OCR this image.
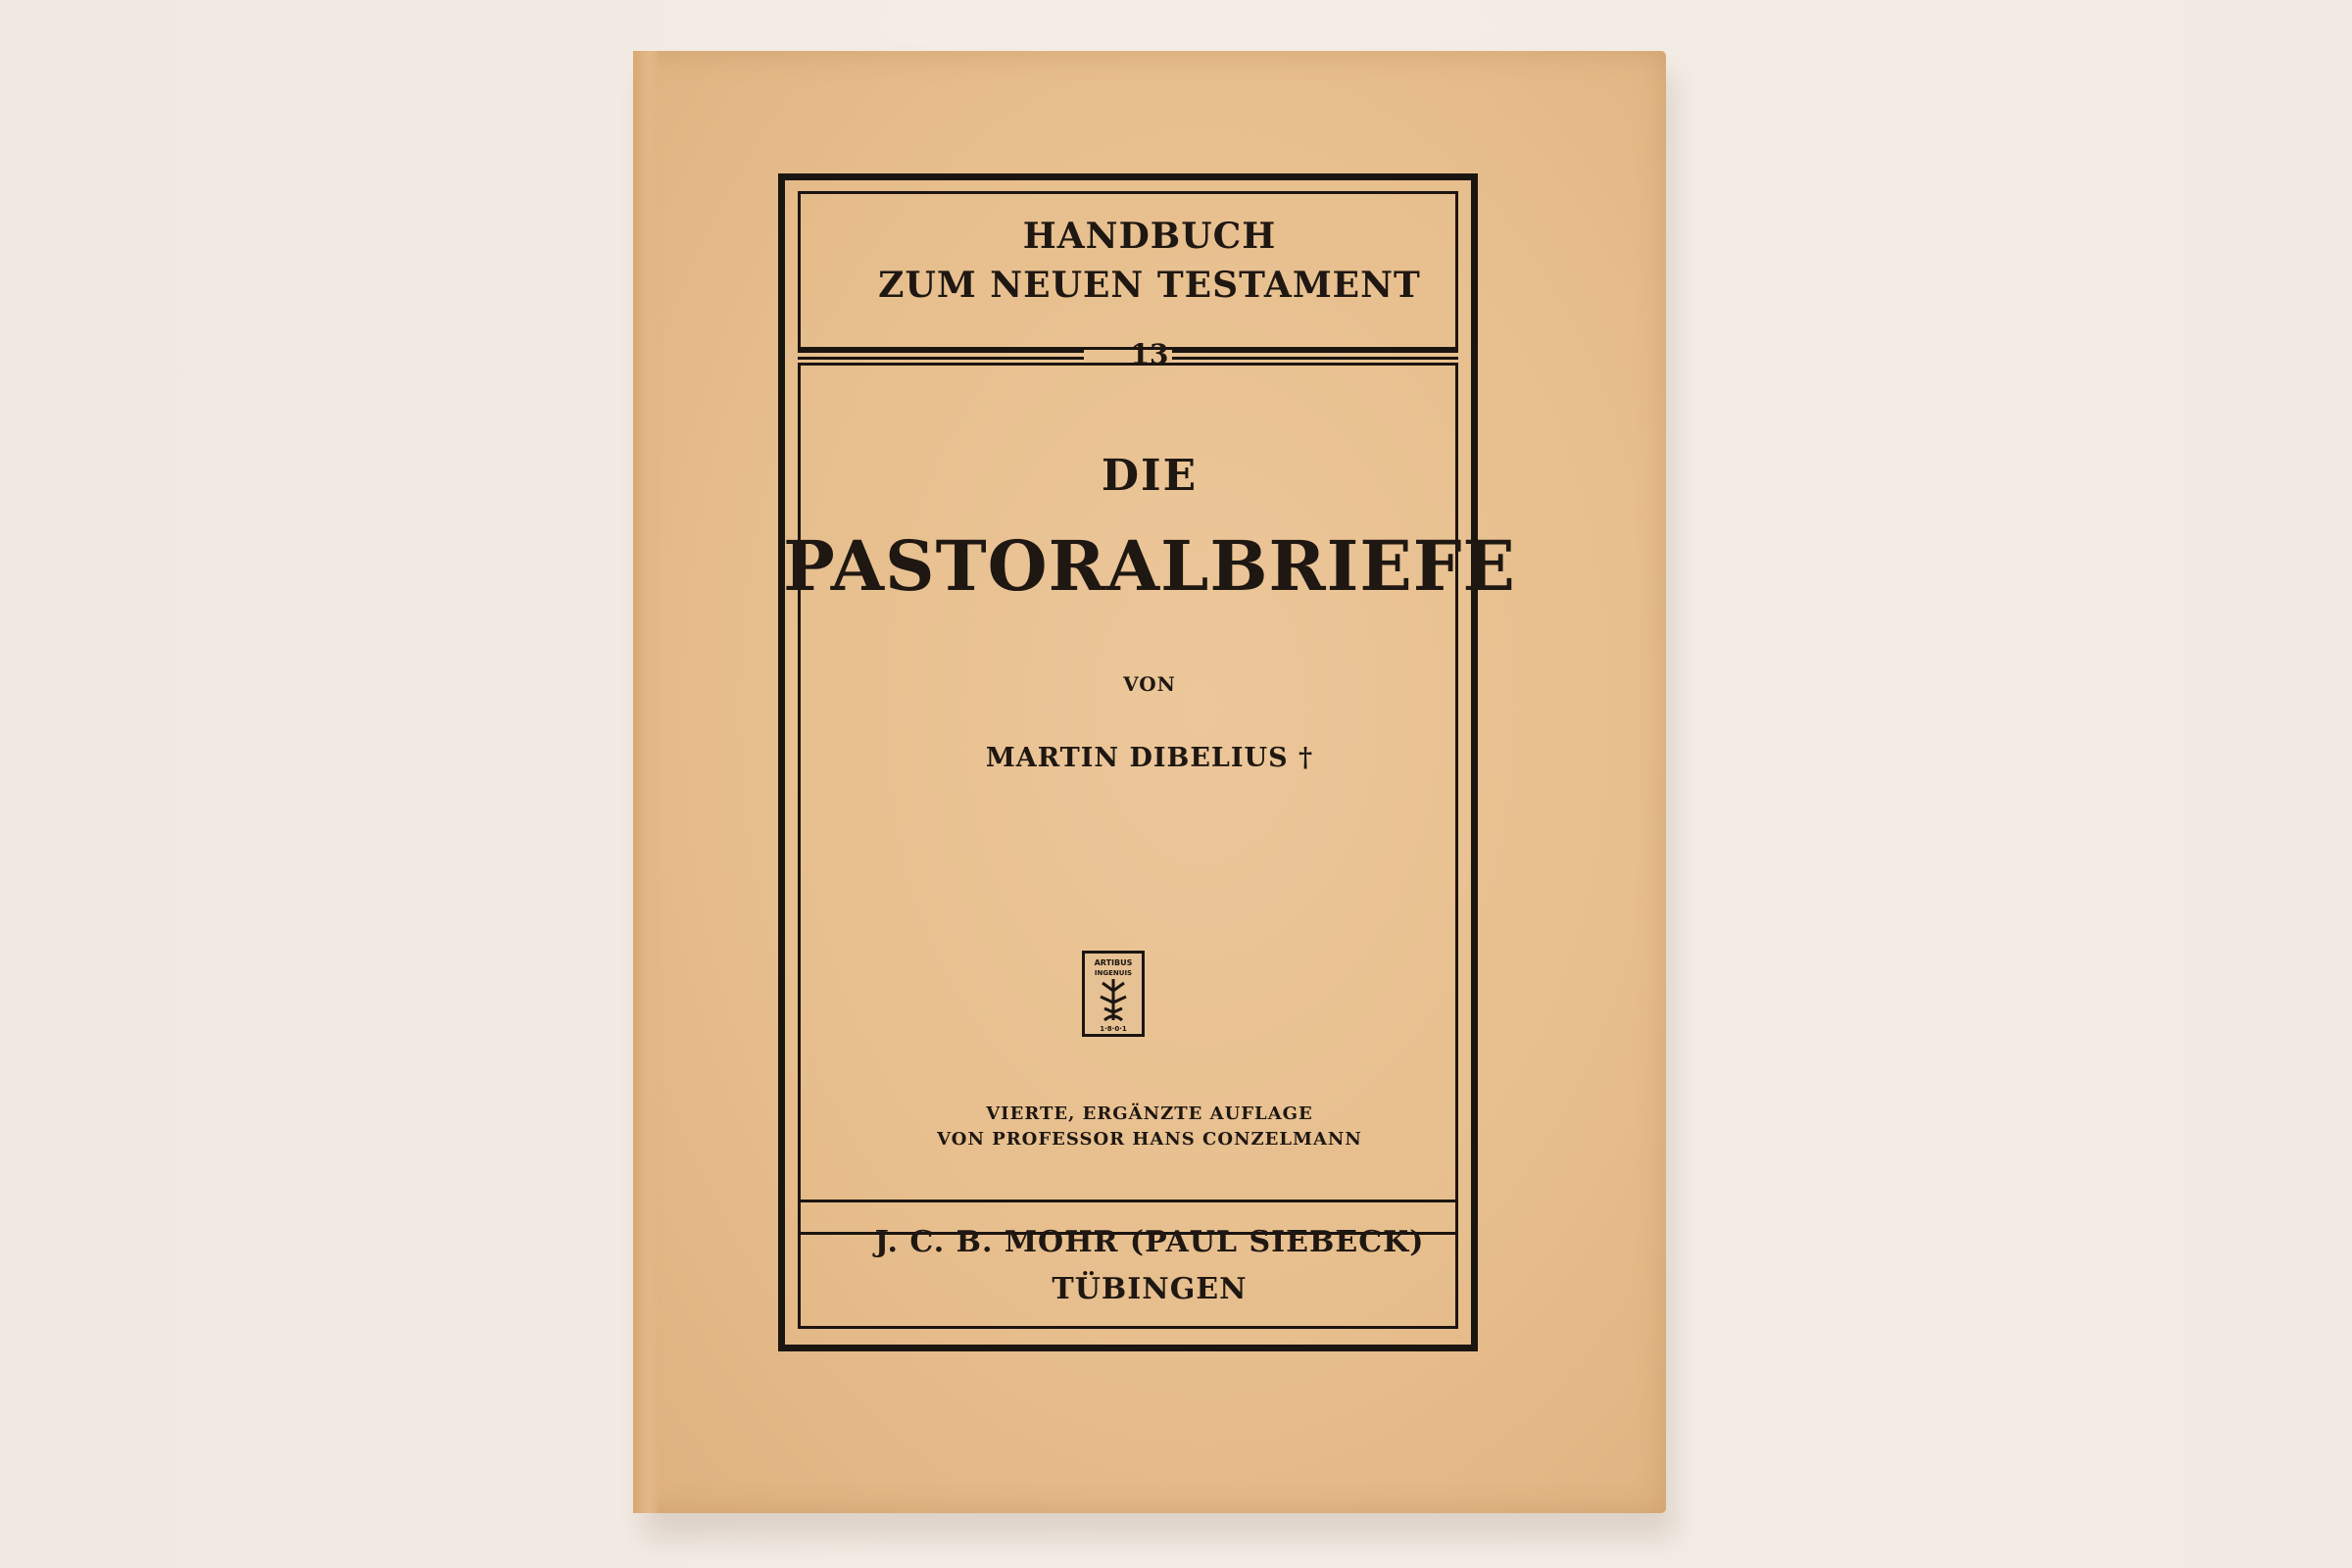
HANDBUCH
ZUM NEUEN TESTAMENT
13
DIE
PASTORALBRIEFE
VON
MARTIN DIBELIUS †
ARTIBUS
INGENUIS
1·8·0·1
VIERTE, ERGÄNZTE AUFLAGE
VON PROFESSOR HANS CONZELMANN
J. C. B. MOHR (PAUL SIEBECK)
TÜBINGEN
